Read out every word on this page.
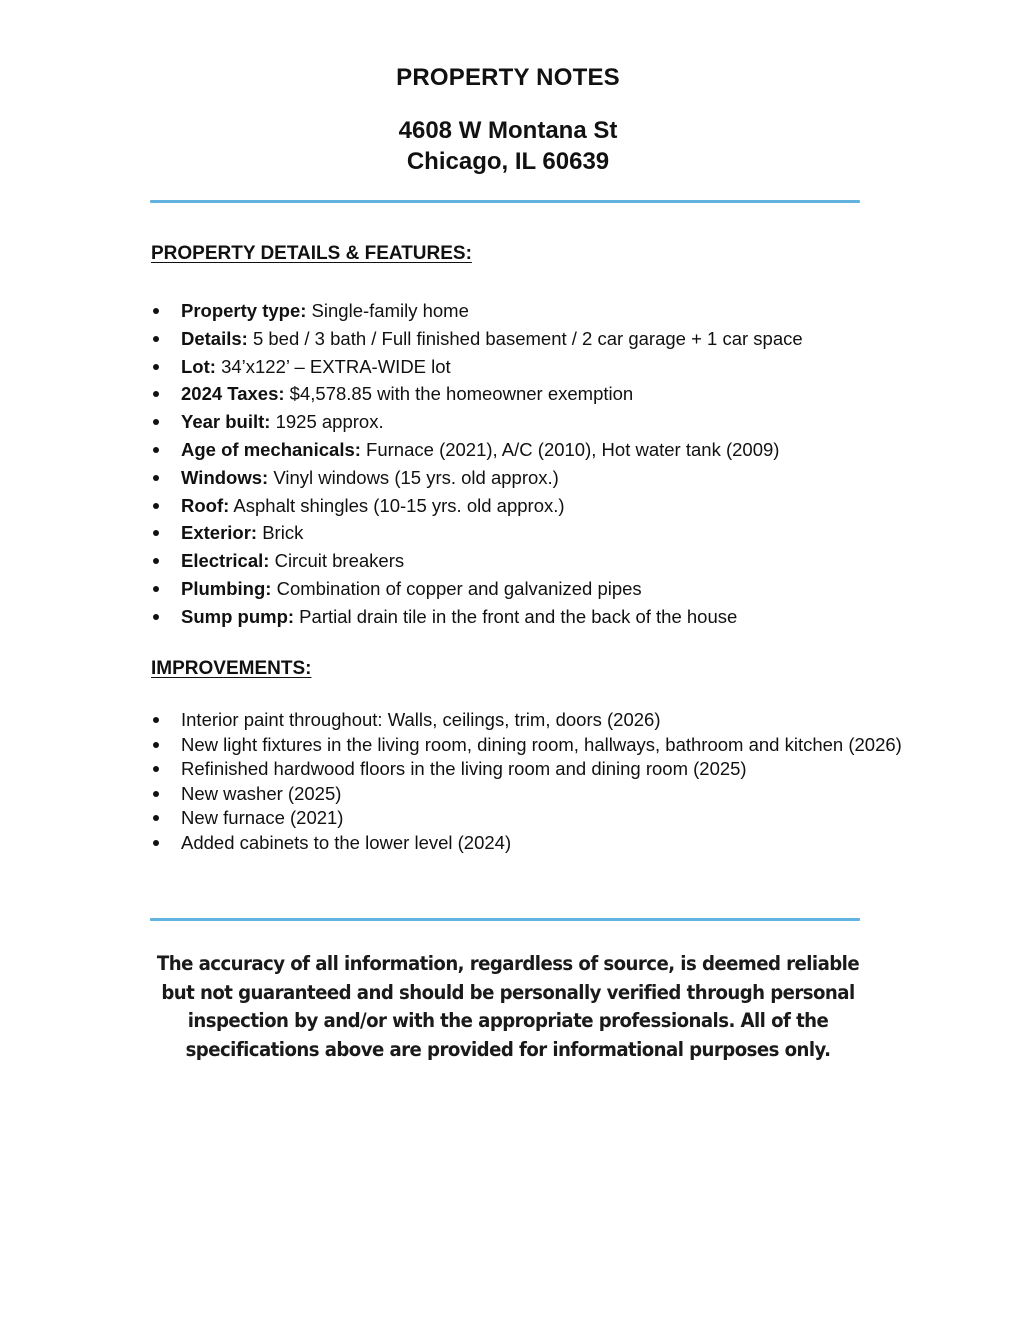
PROPERTY NOTES
4608 W Montana St
Chicago, IL 60639
PROPERTY DETAILS & FEATURES:
Property type: Single-family home
Details: 5 bed / 3 bath / Full finished basement / 2 car garage + 1 car space
Lot: 34’x122’ – EXTRA-WIDE lot
2024 Taxes: $4,578.85 with the homeowner exemption
Year built: 1925 approx.
Age of mechanicals: Furnace (2021), A/C (2010), Hot water tank (2009)
Windows: Vinyl windows (15 yrs. old approx.)
Roof: Asphalt shingles (10-15 yrs. old approx.)
Exterior: Brick
Electrical: Circuit breakers
Plumbing: Combination of copper and galvanized pipes
Sump pump: Partial drain tile in the front and the back of the house
IMPROVEMENTS:
Interior paint throughout: Walls, ceilings, trim, doors (2026)
New light fixtures in the living room, dining room, hallways, bathroom and kitchen (2026)
Refinished hardwood floors in the living room and dining room (2025)
New washer (2025)
New furnace (2021)
Added cabinets to the lower level (2024)
The accuracy of all information, regardless of source, is deemed reliable but not guaranteed and should be personally verified through personal inspection by and/or with the appropriate professionals. All of the specifications above are provided for informational purposes only.
